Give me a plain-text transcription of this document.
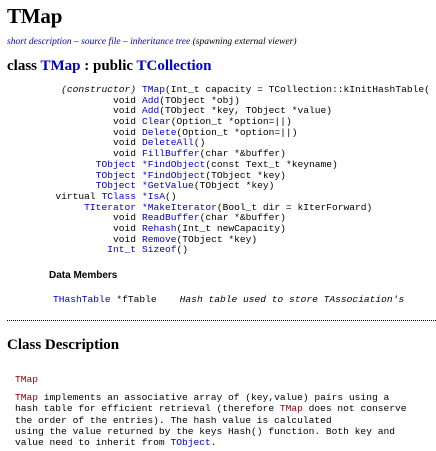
TMap
short description – source file – inheritance tree (spawning external viewer)
class TMap : public TCollection
(constructor) TMap (Int_t capacity = TCollection::kInitHashTable(
void Add (TObject *obj)
void Add (TObject *key, TObject *value)
void Clear (Option_t *option=||)
void Delete (Option_t *option=||)
void DeleteAll ()
void FillBuffer (char *&buffer)
TObject *FindObject (const Text_t *keyname)
TObject *FindObject (TObject *key)
TObject *GetValue (TObject *key)
virtual TClass *IsA ()
TIterator *MakeIterator (Bool_t dir = kIterForward)
void ReadBuffer (char *&buffer)
void Rehash (Int_t newCapacity)
void Remove (TObject *key)
Int_t Sizeof ()
Data Members
THashTable *fTable Hash table used to store TAssociation's
Class Description
TMap
TMap implements an associative array of (key,value) pairs using a
hash table for efficient retrieval (therefore TMap does not conserve
the order of the entries). The hash value is calculated
using the value returned by the keys Hash() function. Both key and
value need to inherit from TObject.
